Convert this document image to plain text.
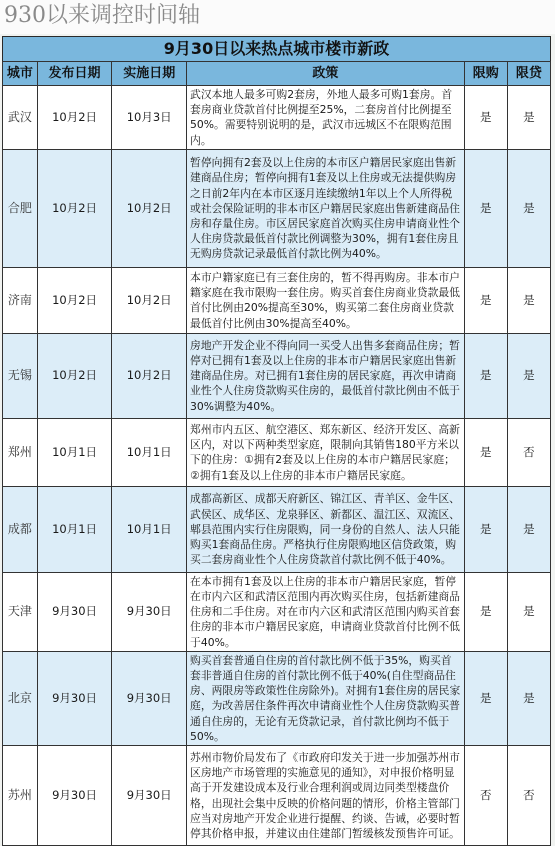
930以来调控时间轴
9月30日以来热点城市楼市新政
城市	发布日期	实施日期	政策	限购	限贷
武汉	10月2日	10月3日	武汉本地人最多可购2套房，外地人最多可购1套房。首套房商业贷款首付比例提至25%，二套房首付比例提至50%。需要特别说明的是，武汉市远城区不在限购范围内。	是	是
合肥	10月2日	10月2日	暂停向拥有2套及以上住房的本市区户籍居民家庭出售新建商品住房；暂停向拥有1套及以上住房或无法提供购房之日前2年内在本市区逐月连续缴纳1年以上个人所得税或社会保险证明的非本市区户籍居民家庭出售新建商品住房和存量住房。市区居民家庭首次购买住房申请商业性个人住房贷款最低首付款比例调整为30%，拥有1套住房且无购房贷款记录最低首付款比例为40%。	是	是
济南	10月2日	10月2日	本市户籍家庭已有三套住房的，暂不得再购房。非本市户籍家庭在我市限购一套住房。购买首套住房商业贷款最低首付比例由20%提高至30%，购买第二套住房商业贷款最低首付比例由30%提高至40%。	是	是
无锡	10月2日	10月2日	房地产开发企业不得向同一买受人出售多套商品住房；暂停对已拥有1套及以上住房的非本市户籍居民家庭出售新建商品住房。对已拥有1套住房的居民家庭，再次申请商业性个人住房贷款购买住房的，最低首付款比例由不低于30%调整为40%。	是	是
郑州	10月1日	10月1日	郑州市内五区、航空港区、郑东新区、经济开发区、高新区内，对以下两种类型家庭，限制向其销售180平方米以下的住房：①拥有2套及以上住房的本市户籍居民家庭；②拥有1套及以上住房的非本市户籍居民家庭。	是	否
成都	10月1日	10月1日	成都高新区、成都天府新区、锦江区、青羊区、金牛区、武侯区、成华区、龙泉驿区、新都区、温江区、双流区、郫县范围内实行住房限购，同一身份的自然人、法人只能购买1套商品住房。严格执行住房限购地区信贷政策，购买二套房商业性个人住房贷款首付款比例不低于40%。	是	是
天津	9月30日	9月30日	在本市拥有1套及以上住房的非本市户籍居民家庭，暂停在市内六区和武清区范围内再次购买住房，包括新建商品住房和二手住房。对在市内六区和武清区范围内购买首套住房的非本市户籍居民家庭，申请商业贷款首付比例不低于40%。	是	是
北京	9月30日	9月30日	购买首套普通自住房的首付款比例不低于35%，购买首套非普通自住房的首付款比例不低于40%(自住型商品住房、两限房等政策性住房除外)。对拥有1套住房的居民家庭，为改善居住条件再次申请商业性个人住房贷款购买普通自住房的，无论有无贷款记录，首付款比例均不低于50%。	是	是
苏州	9月30日	9月30日	苏州市物价局发布了《市政府印发关于进一步加强苏州市区房地产市场管理的实施意见的通知》，对申报价格明显高于开发建设成本及行业合理利润或周边同类型楼盘价格，出现社会集中反映的价格问题的情形，价格主管部门应当对房地产开发企业进行提醒、约谈、告诫，必要时暂停其价格申报，并建议由住建部门暂缓核发预售许可证。	否	否
